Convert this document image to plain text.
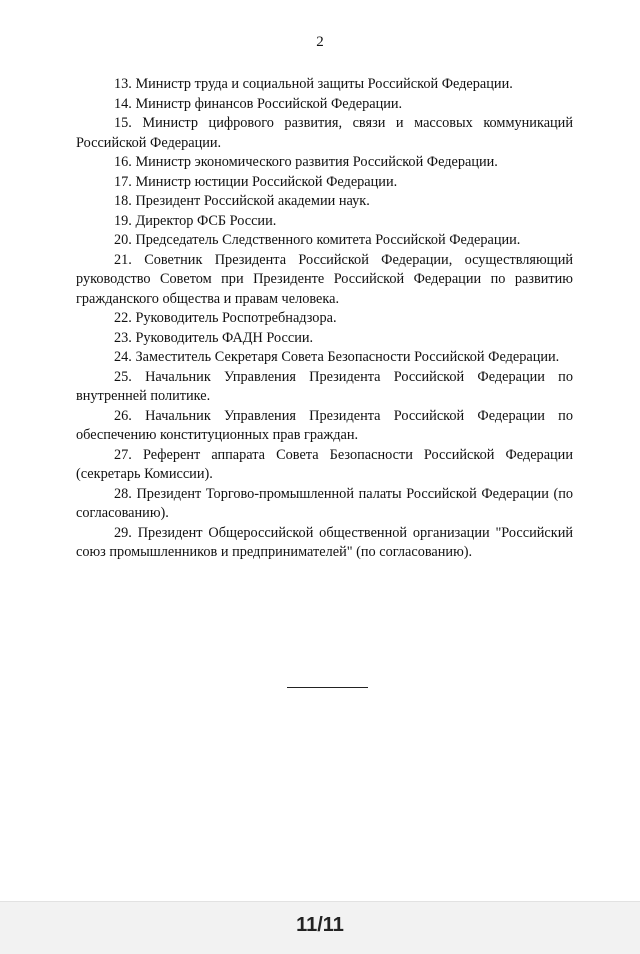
2

13. Министр труда и социальной защиты Российской Федерации.

14. Министр финансов Российской Федерации.

15. Министр цифрового развития, связи и массовых коммуникаций Российской Федерации.

16. Министр экономического развития Российской Федерации.

17. Министр юстиции Российской Федерации.

18. Президент Российской академии наук.

19. Директор ФСБ России.

20. Председатель Следственного комитета Российской Федерации.

21. Советник Президента Российской Федерации, осуществляющий руководство Советом при Президенте Российской Федерации по развитию гражданского общества и правам человека.

22. Руководитель Роспотребнадзора.

23. Руководитель ФАДН России.

24. Заместитель Секретаря Совета Безопасности Российской Федерации.

25. Начальник Управления Президента Российской Федерации по внутренней политике.

26. Начальник Управления Президента Российской Федерации по обеспечению конституционных прав граждан.

27. Референт аппарата Совета Безопасности Российской Федерации (секретарь Комиссии).

28. Президент Торгово-промышленной палаты Российской Федерации (по согласованию).

29. Президент Общероссийской общественной организации "Российский союз промышленников и предпринимателей" (по согласованию).

11/11
